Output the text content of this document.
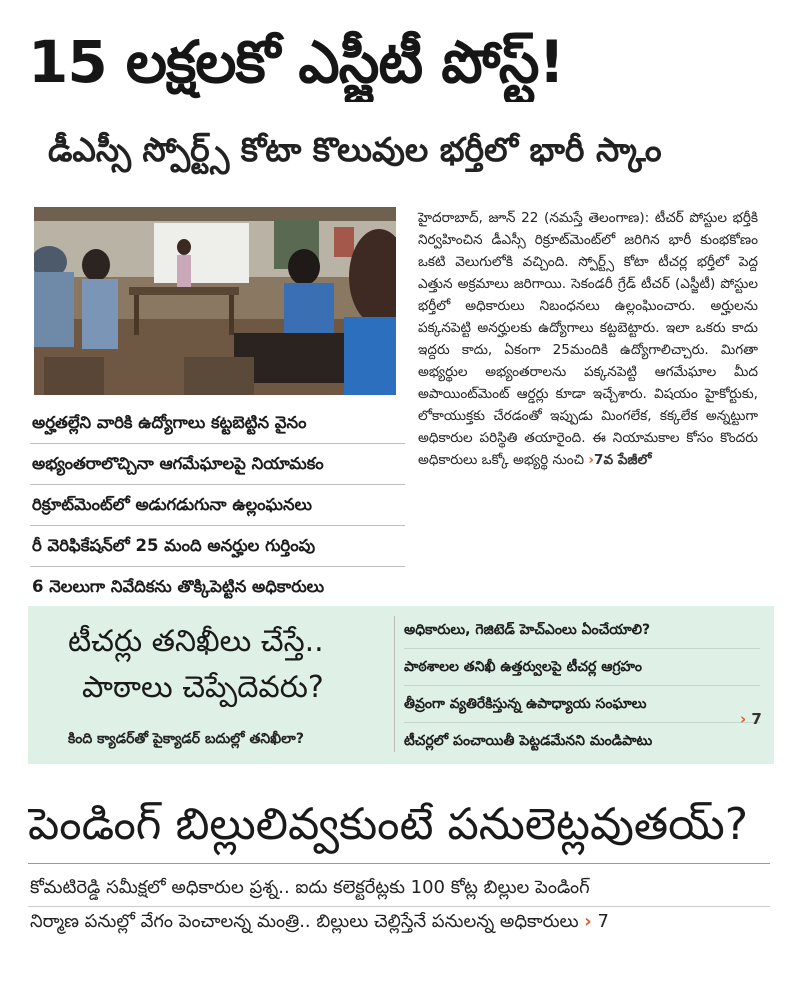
15 లక్షలకో ఎస్జీటీ పోస్ట్!
డీఎస్సీ స్పోర్ట్స్ కోటా కొలువుల భర్తీలో భారీ స్కాం
అర్హతల్లేని వారికి ఉద్యోగాలు కట్టబెట్టిన వైనం
అభ్యంతరాలొచ్చినా ఆగమేఘాలపై నియామకం
రిక్రూట్‌మెంట్‌లో అడుగడుగునా ఉల్లంఘనలు
రీ వెరిఫికేషన్‌లో 25 మంది అనర్హుల గుర్తింపు
6 నెలలుగా నివేదికను తొక్కిపెట్టిన అధికారులు
హైదరాబాద్, జూన్ 22 (నమస్తే తెలంగాణ): టీచర్ పోస్టుల భర్తీకి నిర్వహించిన డీఎస్సీ రిక్రూట్‌మెంట్‌లో జరిగిన భారీ కుంభకోణం ఒకటి వెలుగులోకి వచ్చింది. స్పోర్ట్స్ కోటా టీచర్ల భర్తీలో పెద్ద ఎత్తున అక్రమాలు జరిగాయి. సెకండరీ గ్రేడ్ టీచర్ (ఎస్జీటీ) పోస్టుల భర్తీలో అధికారులు నిబంధనలు ఉల్లంఘించారు. అర్హులను పక్కనపెట్టి అనర్హులకు ఉద్యోగాలు కట్టబెట్టారు. ఇలా ఒకరు కాదు ఇద్దరు కాదు, ఏకంగా 25మందికి ఉద్యోగాలిచ్చారు. మిగతా అభ్యర్థుల అభ్యంతరాలను పక్కనపెట్టి ఆగమేఘాల మీద అపాయింట్‌మెంట్ ఆర్డర్లు కూడా ఇచ్చేశారు. విషయం హైకోర్టుకు, లోకాయుక్తకు చేరడంతో ఇప్పుడు మింగలేక, కక్కలేక అన్నట్టుగా అధికారుల పరిస్థితి తయారైంది. ఈ నియామకాల కోసం కొందరు అధికారులు ఒక్కో అభ్యర్థి నుంచి ›7వ పేజీలో
టీచర్లు తనిఖీలు చేస్తే..
పాఠాలు చెప్పేదెవరు?
కింది క్యాడర్‌తో పైక్యాడర్ బదుల్లో తనిఖీలా?
అధికారులు, గెజిటెడ్ హెచ్‌ఎంలు ఏంచేయాలి?
పాఠశాలల తనిఖీ ఉత్తర్వులపై టీచర్ల ఆగ్రహం
తీవ్రంగా వ్యతిరేకిస్తున్న ఉపాధ్యాయ సంఘాలు
టీచర్లలో పంచాయితీ పెట్టడమేనని మండిపాటు
› 7
పెండింగ్ బిల్లులివ్వకుంటే పనులెట్లవుతయ్?
కోమటిరెడ్డి సమీక్షలో అధికారుల ప్రశ్న.. ఐదు కలెక్టరేట్లకు 100 కోట్ల బిల్లుల పెండింగ్
నిర్మాణ పనుల్లో వేగం పెంచాలన్న మంత్రి.. బిల్లులు చెల్లిస్తేనే పనులన్న అధికారులు › 7
